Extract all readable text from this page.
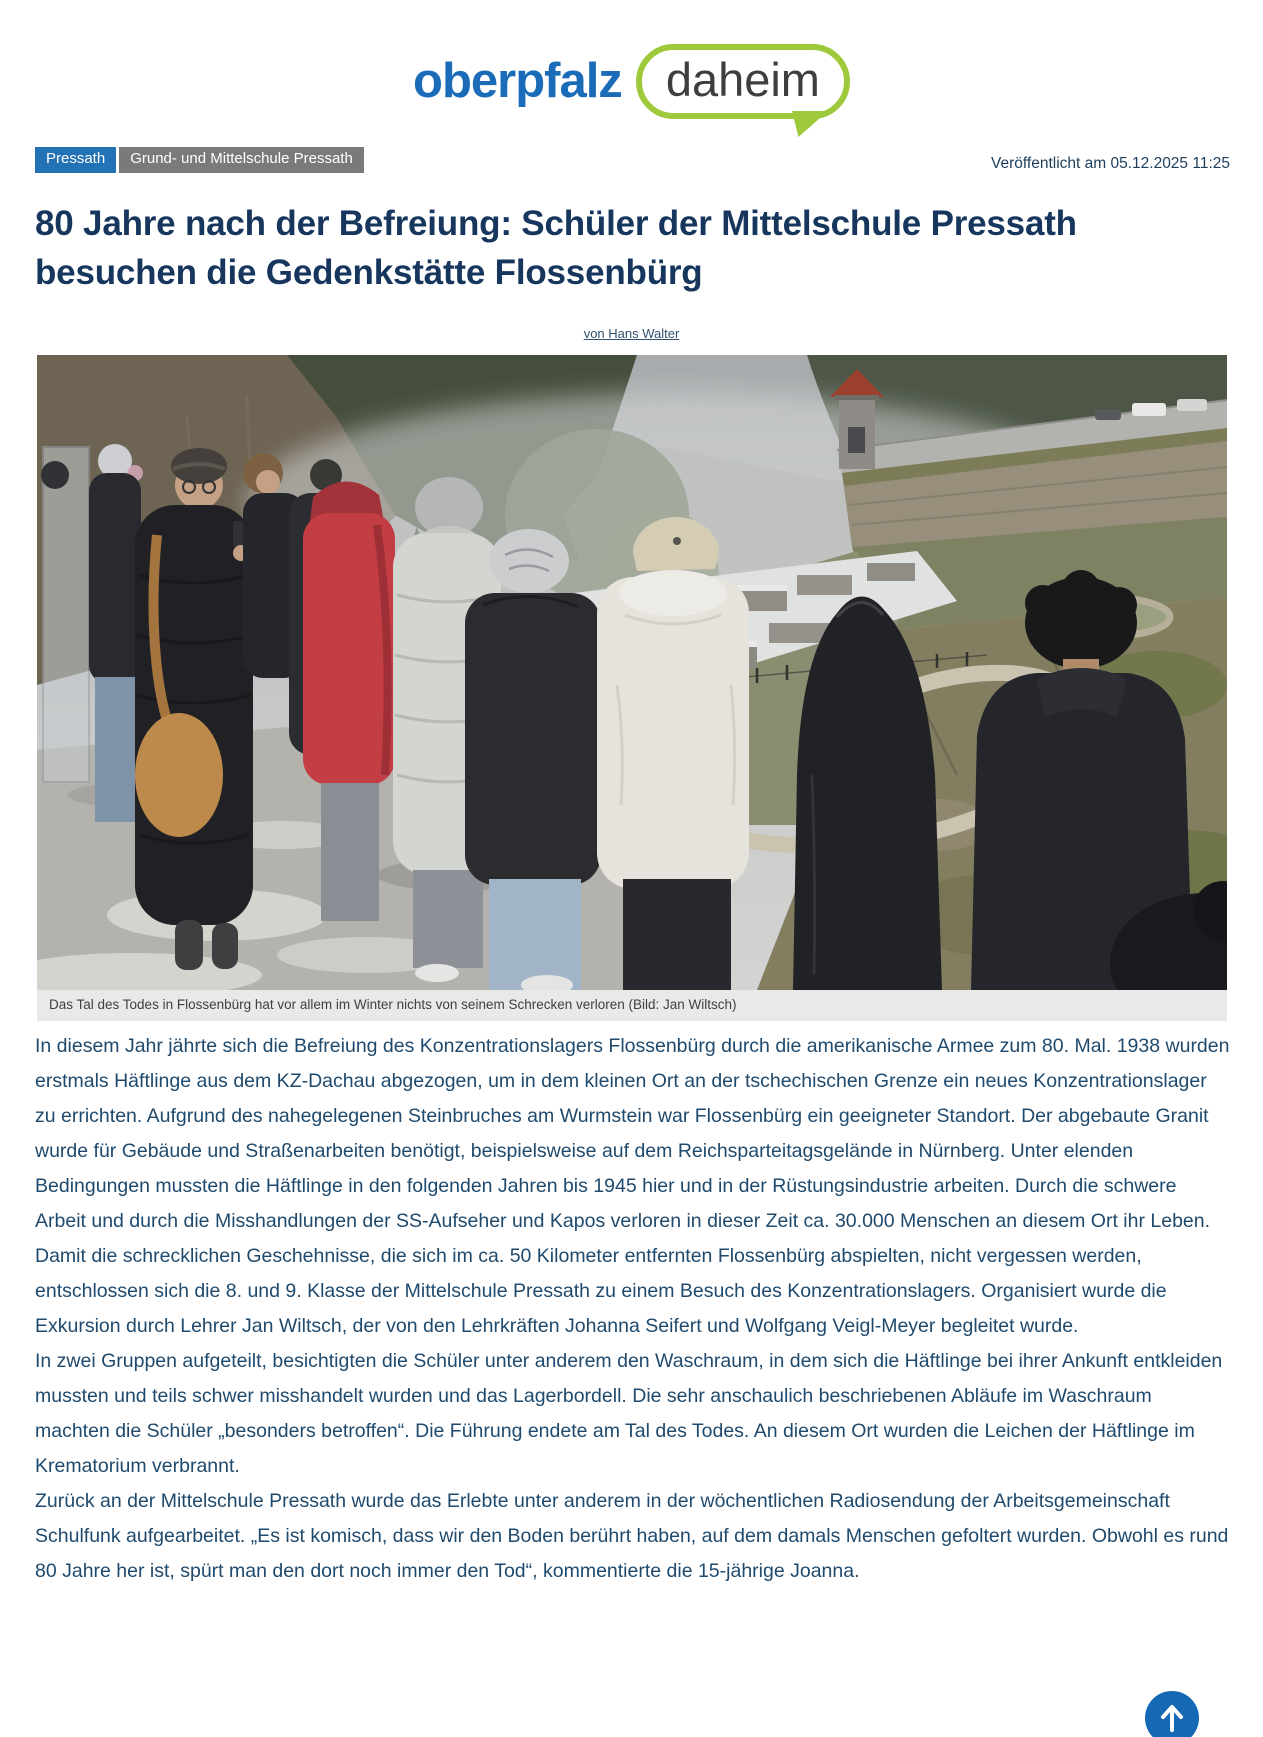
oberpfalz daheim
Pressath	Grund- und Mittelschule Pressath	Veröffentlicht am 05.12.2025 11:25
80 Jahre nach der Befreiung: Schüler der Mittelschule Pressath besuchen die Gedenkstätte Flossenbürg
von Hans Walter
Das Tal des Todes in Flossenbürg hat vor allem im Winter nichts von seinem Schrecken verloren (Bild: Jan Wiltsch)

In diesem Jahr jährte sich die Befreiung des Konzentrationslagers Flossenbürg durch die amerikanische Armee zum 80. Mal. 1938 wurden erstmals Häftlinge aus dem KZ-Dachau abgezogen, um in dem kleinen Ort an der tschechischen Grenze ein neues Konzentrationslager zu errichten. Aufgrund des nahegelegenen Steinbruches am Wurmstein war Flossenbürg ein geeigneter Standort. Der abgebaute Granit wurde für Gebäude und Straßenarbeiten benötigt, beispielsweise auf dem Reichsparteitagsgelände in Nürnberg. Unter elenden Bedingungen mussten die Häftlinge in den folgenden Jahren bis 1945 hier und in der Rüstungsindustrie arbeiten. Durch die schwere Arbeit und durch die Misshandlungen der SS-Aufseher und Kapos verloren in dieser Zeit ca. 30.000 Menschen an diesem Ort ihr Leben. Damit die schrecklichen Geschehnisse, die sich im ca. 50 Kilometer entfernten Flossenbürg abspielten, nicht vergessen werden, entschlossen sich die 8. und 9. Klasse der Mittelschule Pressath zu einem Besuch des Konzentrationslagers. Organisiert wurde die Exkursion durch Lehrer Jan Wiltsch, der von den Lehrkräften Johanna Seifert und Wolfgang Veigl-Meyer begleitet wurde.

In zwei Gruppen aufgeteilt, besichtigten die Schüler unter anderem den Waschraum, in dem sich die Häftlinge bei ihrer Ankunft entkleiden mussten und teils schwer misshandelt wurden und das Lagerbordell. Die sehr anschaulich beschriebenen Abläufe im Waschraum machten die Schüler „besonders betroffen“. Die Führung endete am Tal des Todes. An diesem Ort wurden die Leichen der Häftlinge im Krematorium verbrannt.

Zurück an der Mittelschule Pressath wurde das Erlebte unter anderem in der wöchentlichen Radiosendung der Arbeitsgemeinschaft Schulfunk aufgearbeitet. „Es ist komisch, dass wir den Boden berührt haben, auf dem damals Menschen gefoltert wurden. Obwohl es rund 80 Jahre her ist, spürt man den dort noch immer den Tod“, kommentierte die 15-jährige Joanna.
